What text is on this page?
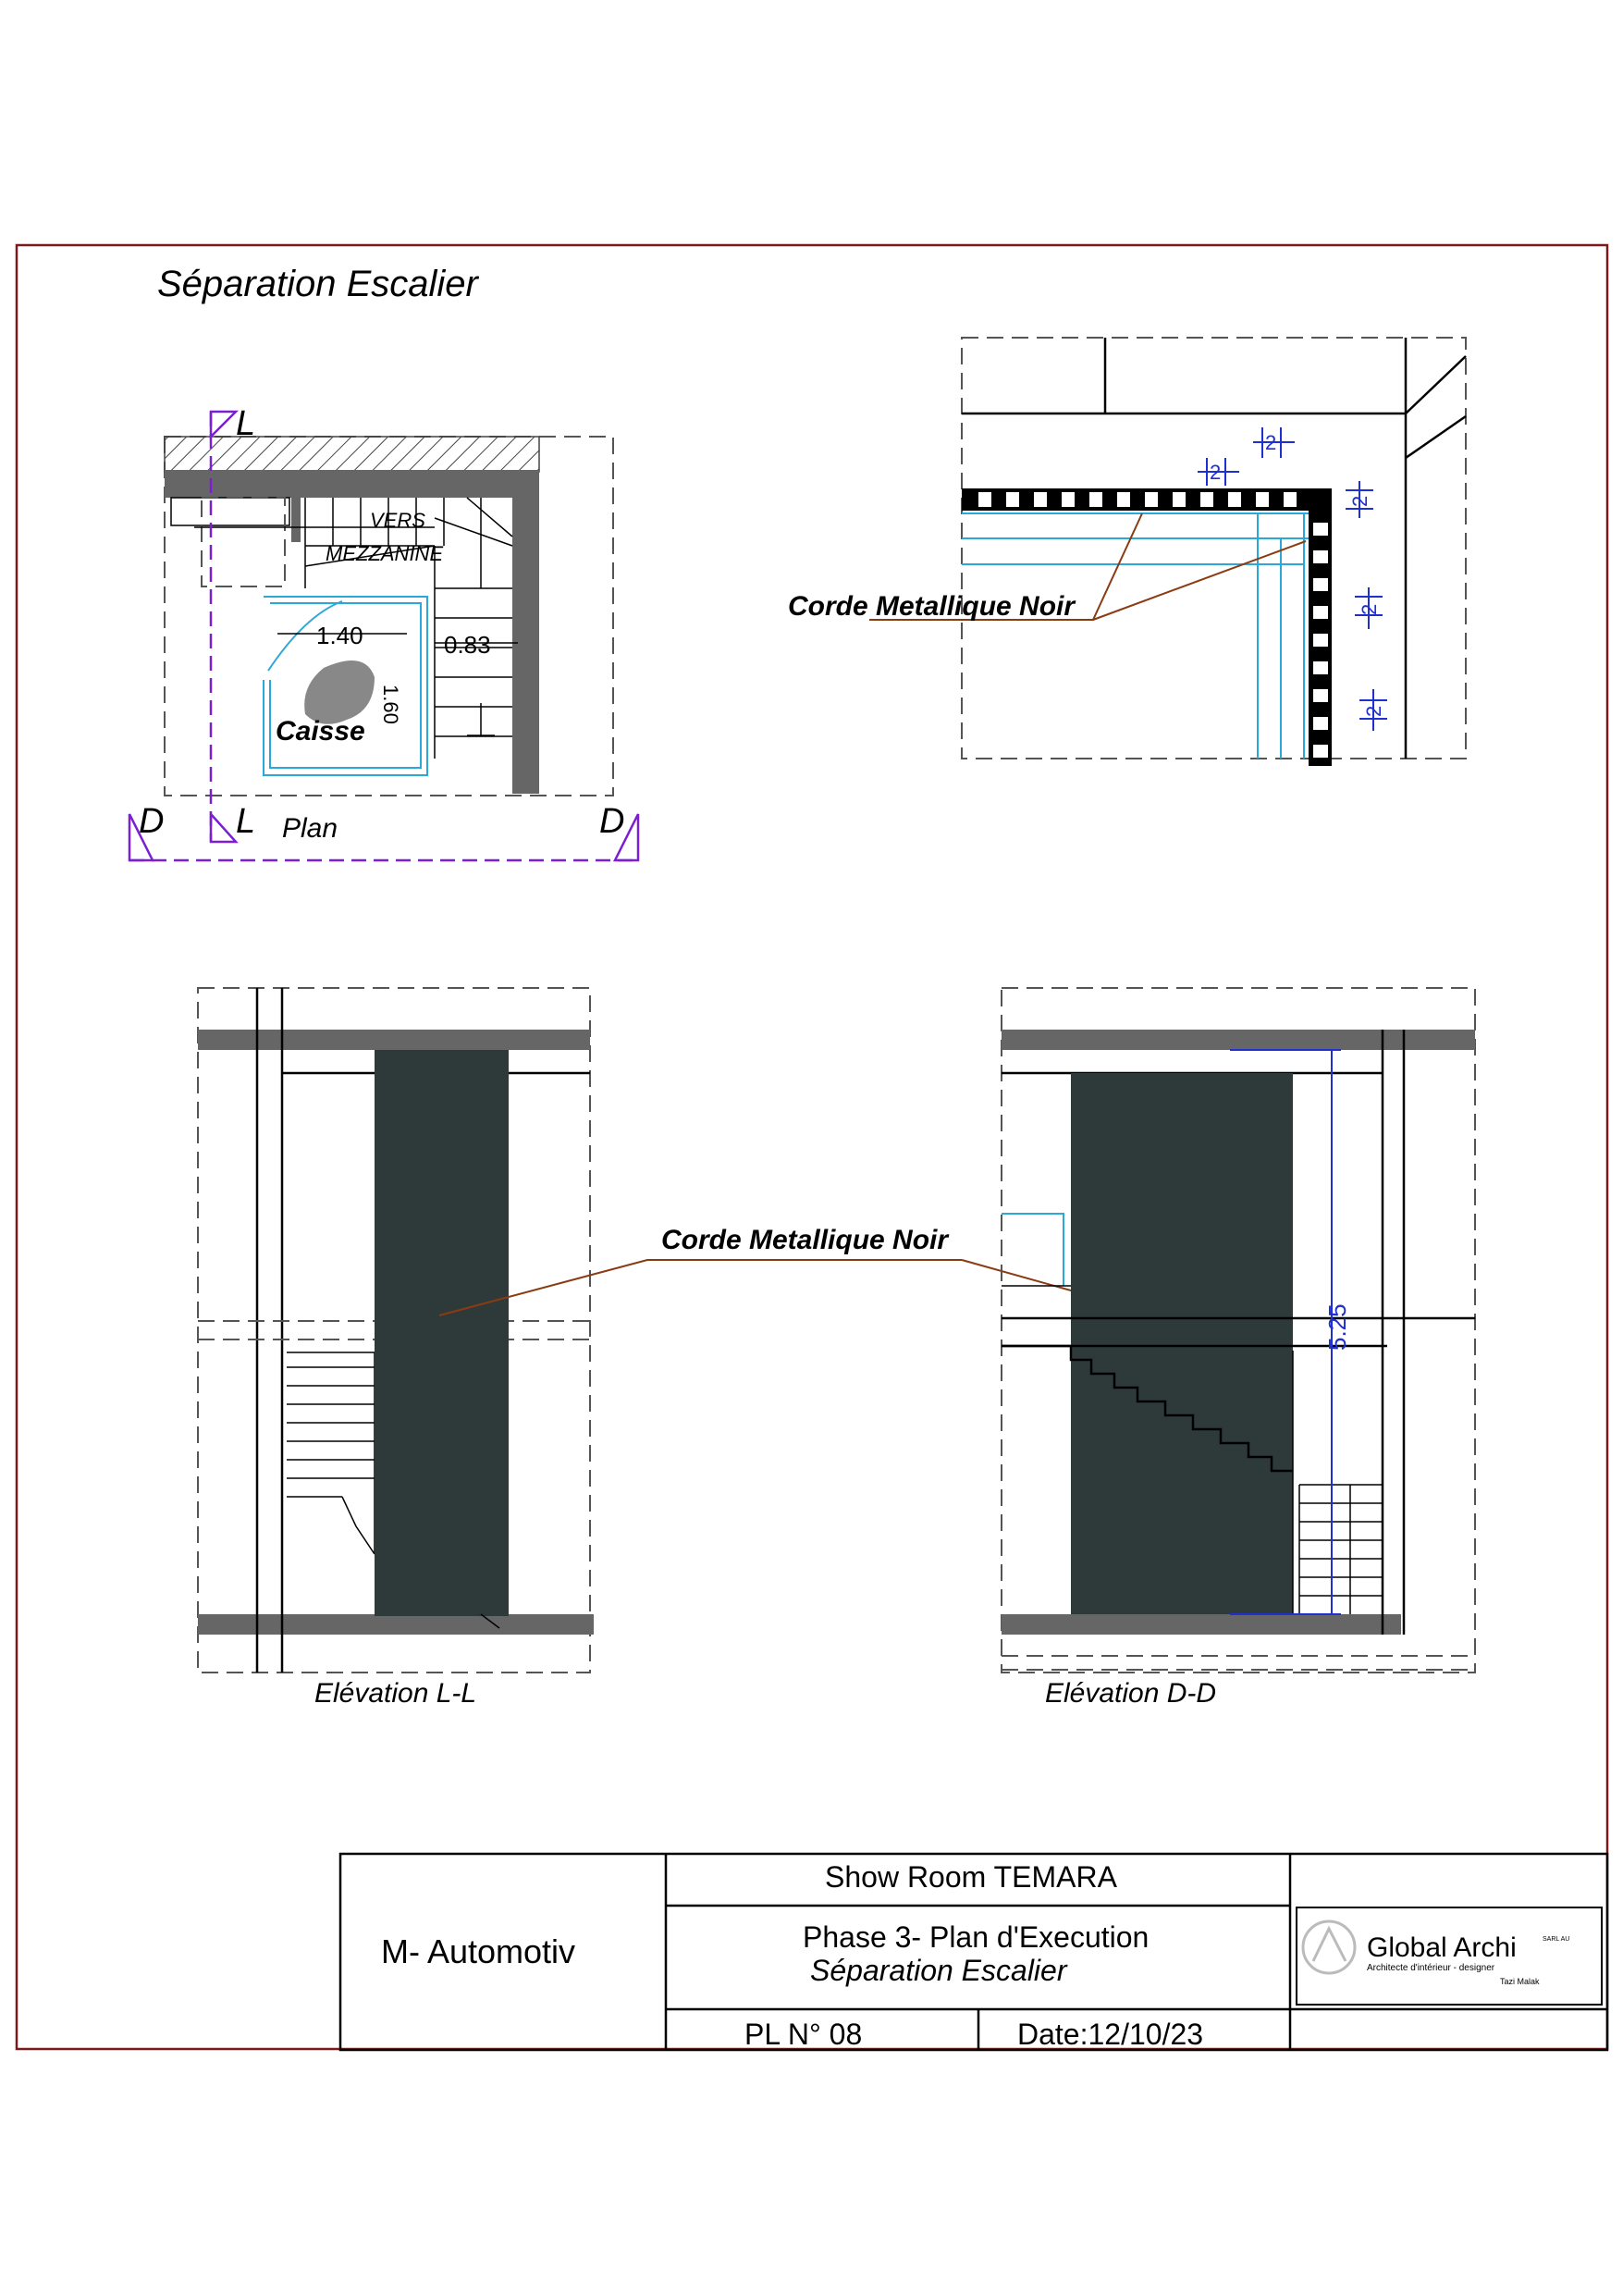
Séparation Escalier
VERS
MEZZANINE
1.40
1.60
0.83
Caisse
L
L
D	D
Plan
2
2
2
2
2
Corde Metallique Noir
Corde Metallique Noir
Elévation L-L
5.25
Elévation D-D
M- Automotiv
Show Room TEMARA
Phase 3- Plan d'Execution
Séparation Escalier
PL N° 08	Date:12/10/23
Global Archi	SARL AU
Architecte d'intérieur - designer
Tazi Malak
